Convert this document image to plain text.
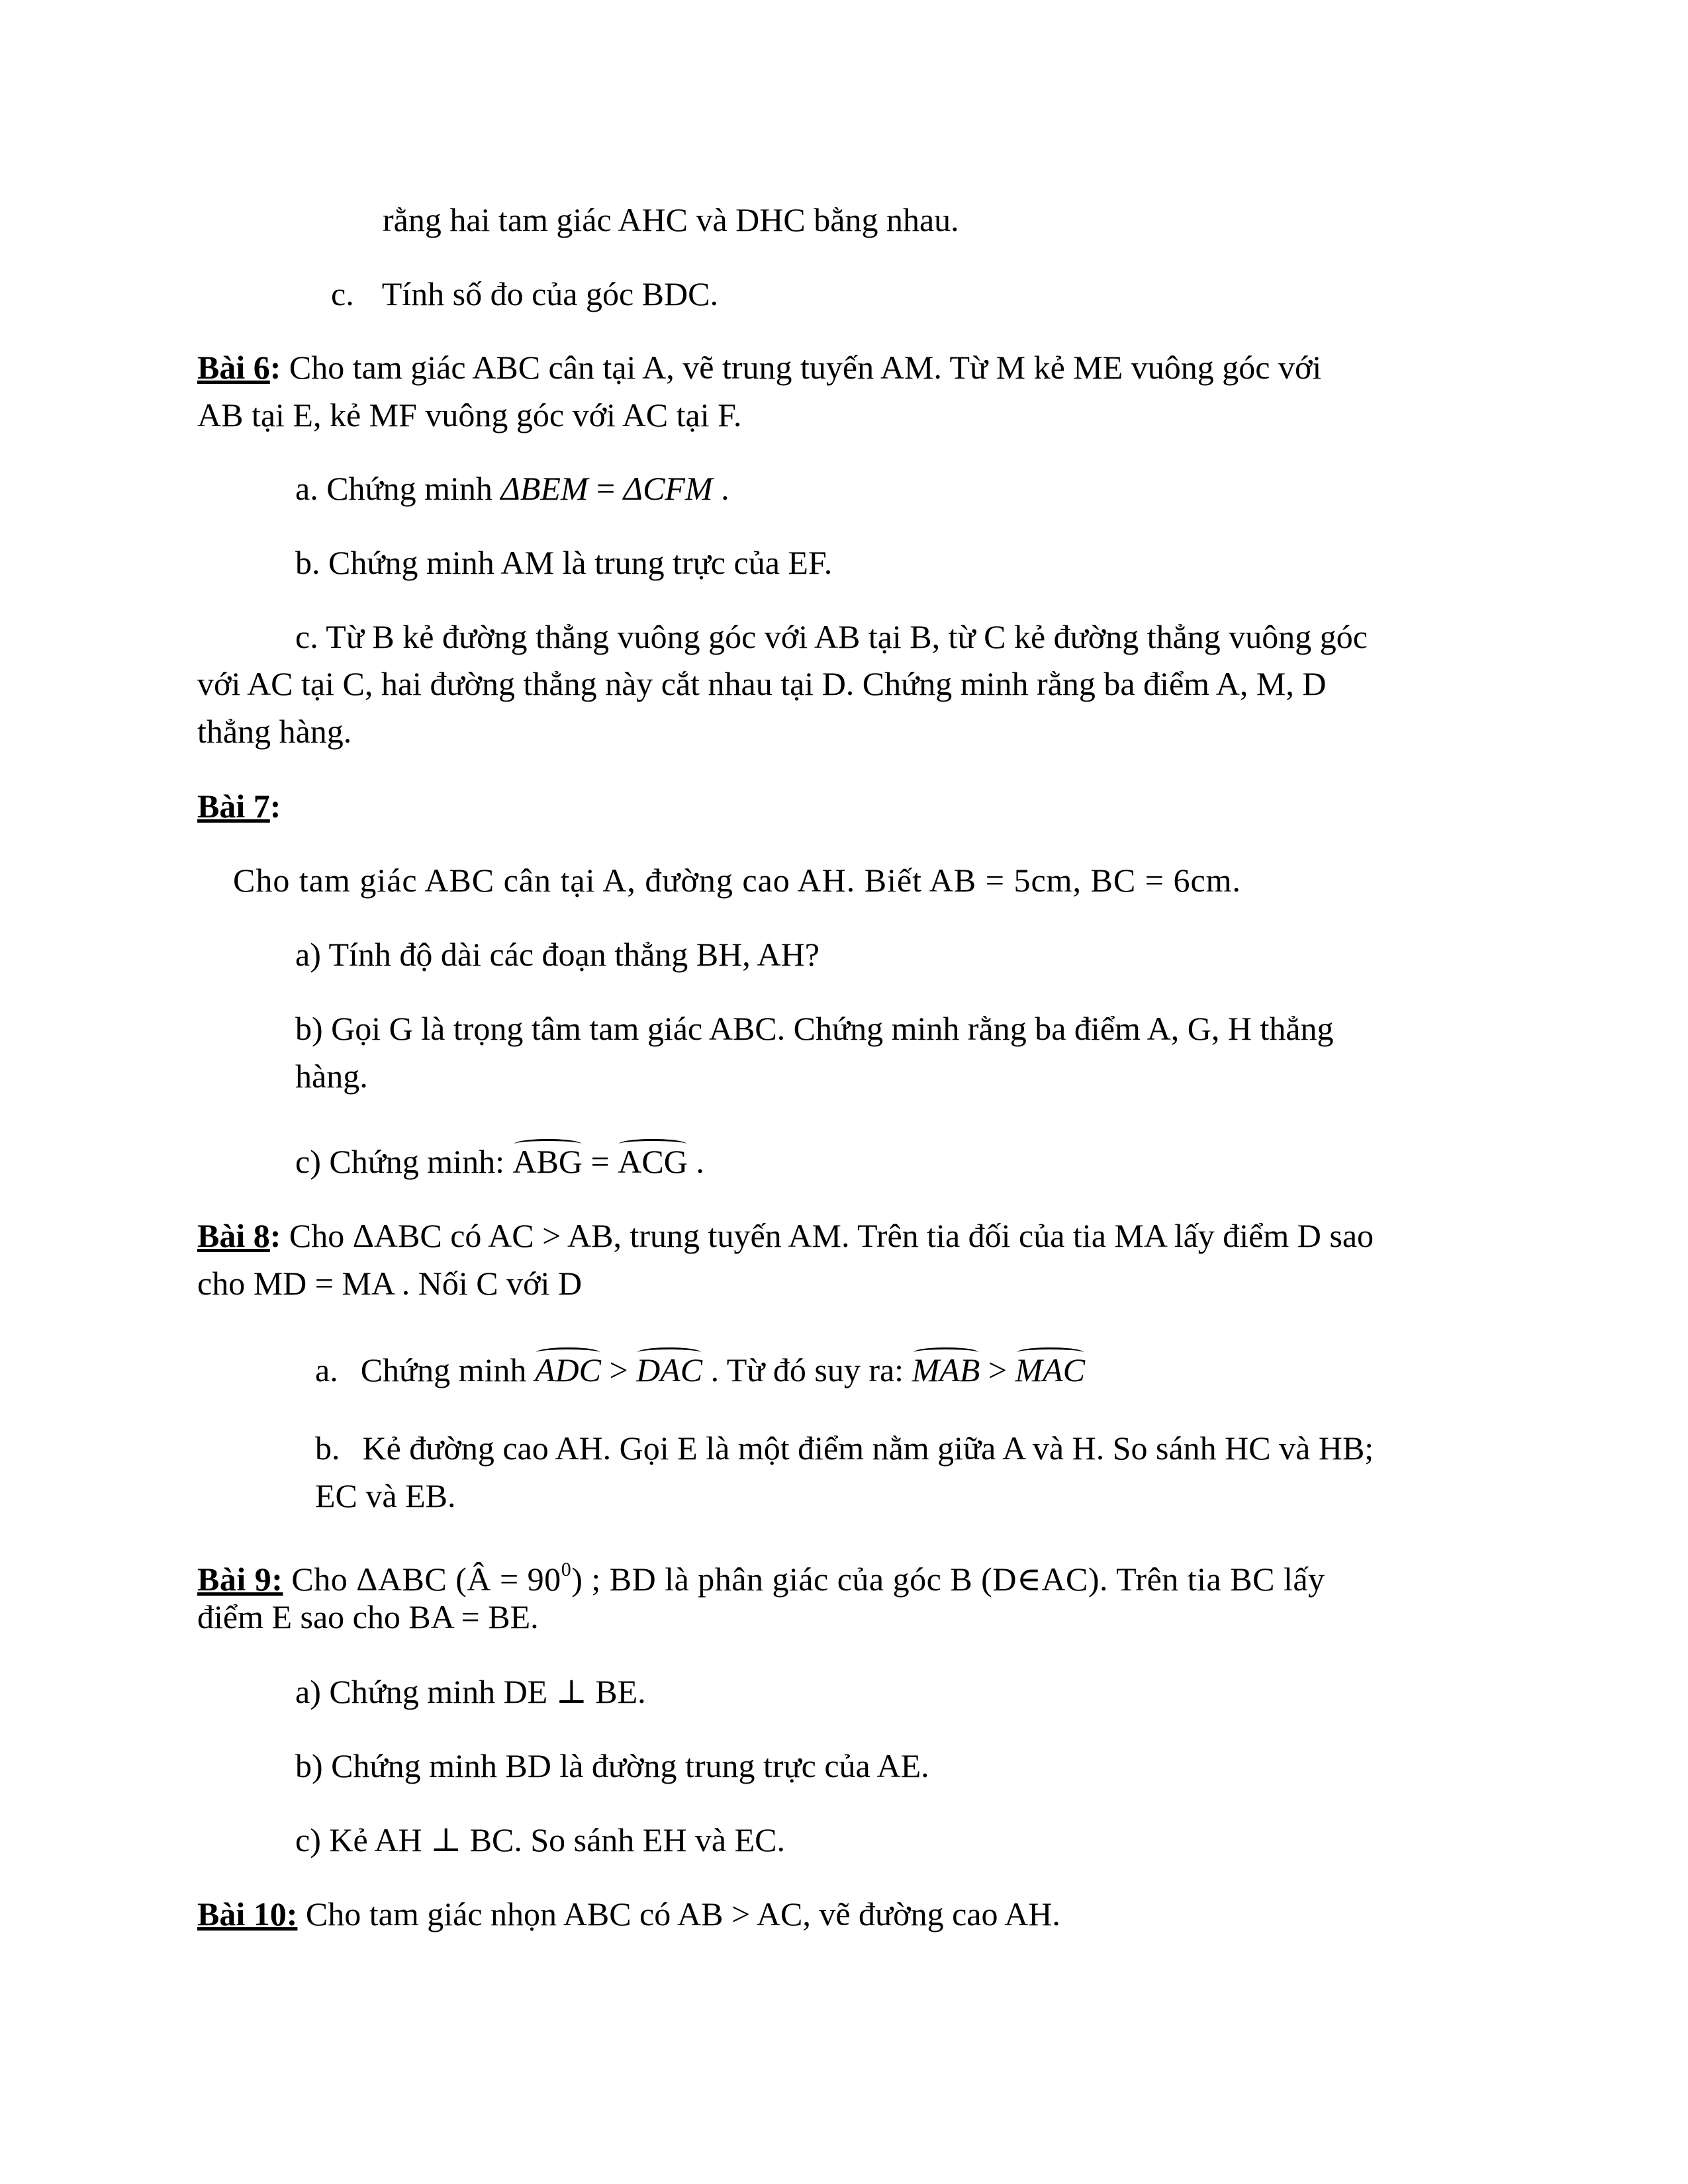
rằng hai tam giác AHC và DHC bằng nhau.
c. Tính số đo của góc BDC.
Bài 6: Cho tam giác ABC cân tại A, vẽ trung tuyến AM. Từ M kẻ ME vuông góc với
AB tại E, kẻ MF vuông góc với AC tại F.
a. Chứng minh ΔBEM = ΔCFM .
b. Chứng minh AM là trung trực của EF.
c. Từ B kẻ đường thẳng vuông góc với AB tại B, từ C kẻ đường thẳng vuông góc
với AC tại C, hai đường thẳng này cắt nhau tại D. Chứng minh rằng ba điểm A, M, D
thẳng hàng.
Bài 7:
Cho tam giác ABC cân tại A, đường cao AH. Biết AB = 5cm, BC = 6cm.
a) Tính độ dài các đoạn thẳng BH, AH?
b) Gọi G là trọng tâm tam giác ABC. Chứng minh rằng ba điểm A, G, H thẳng
hàng.
c) Chứng minh: ABG = ACG .
Bài 8: Cho ΔABC có AC > AB, trung tuyến AM. Trên tia đối của tia MA lấy điểm D sao
cho MD = MA . Nối C với D
a. Chứng minh ADC > DAC . Từ đó suy ra: MAB > MAC
b. Kẻ đường cao AH. Gọi E là một điểm nằm giữa A và H. So sánh HC và HB;
EC và EB.
Bài 9: Cho ΔABC (Â = $90^0$) ; BD là phân giác của góc B (D∈AC). Trên tia BC lấy
điểm E sao cho BA = BE.
a) Chứng minh DE ⊥ BE.
b) Chứng minh BD là đường trung trực của AE.
c) Kẻ AH ⊥ BC. So sánh EH và EC.
Bài 10: Cho tam giác nhọn ABC có AB > AC, vẽ đường cao AH.
